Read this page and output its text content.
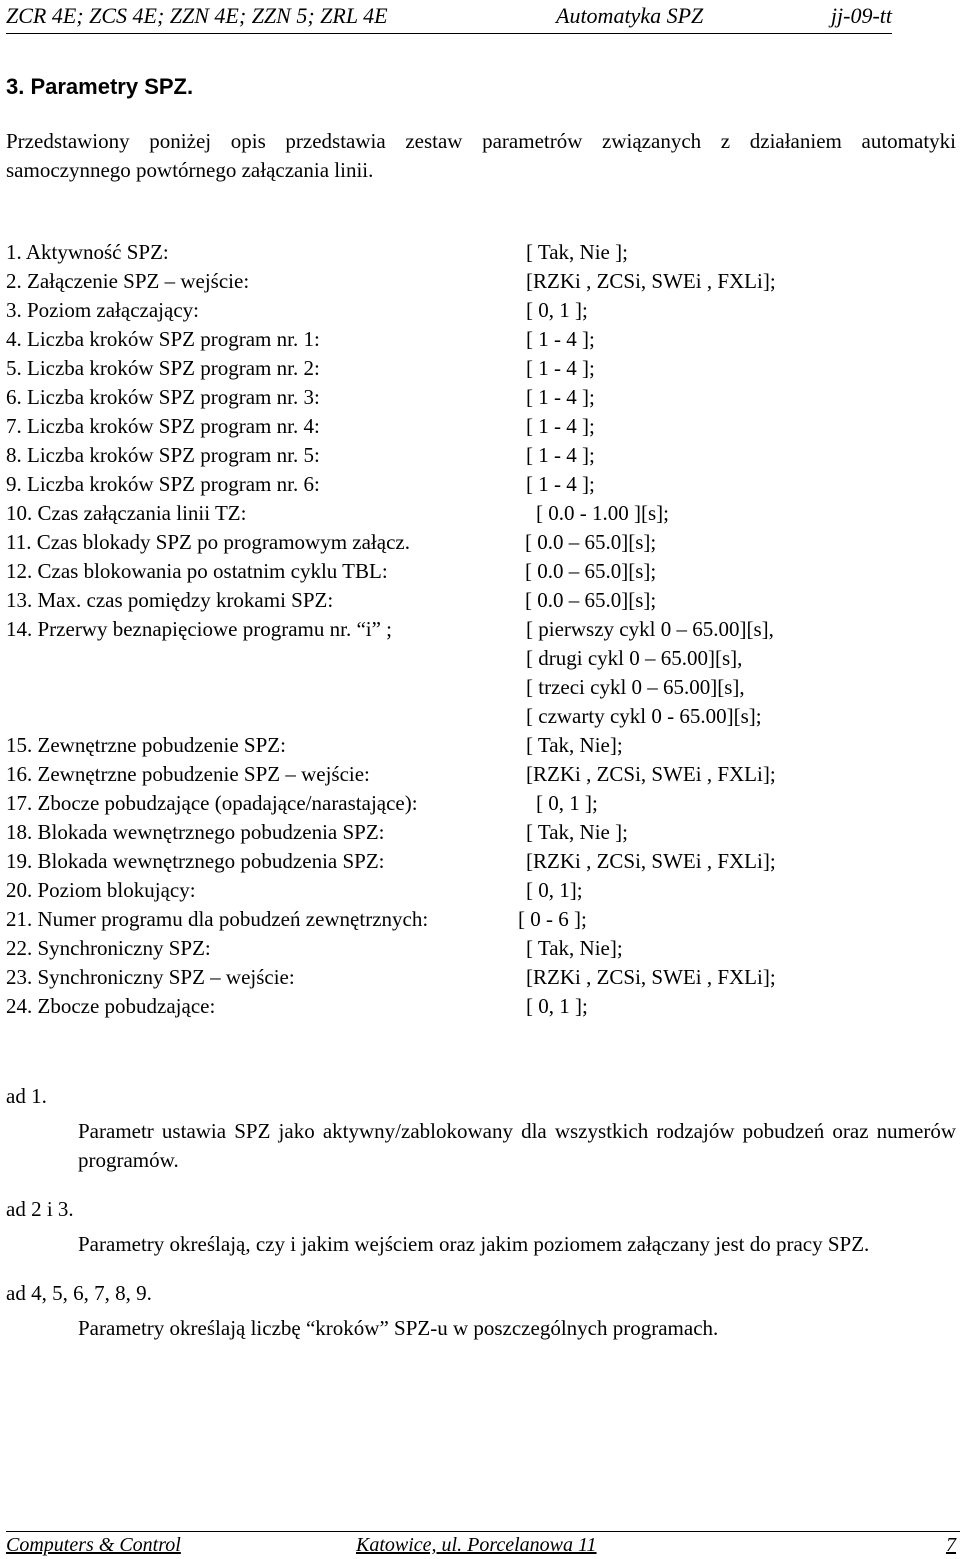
ZCR 4E; ZCS 4E; ZZN 4E; ZZN 5; ZRL 4E	Automatyka SPZ	jj-09-tt
3. Parametry SPZ.

Przedstawiony poniżej opis przedstawia zestaw parametrów związanych z działaniem automatyki samoczynnego powtórnego załączania linii.

1. Aktywność SPZ:	[ Tak, Nie ];
2. Załączenie SPZ – wejście:	[RZKi , ZCSi, SWEi , FXLi];
3. Poziom załączający:	[ 0, 1 ];
4. Liczba kroków SPZ program nr. 1:	[ 1 - 4 ];
5. Liczba kroków SPZ program nr. 2:	[ 1 - 4 ];
6. Liczba kroków SPZ program nr. 3:	[ 1 - 4 ];
7. Liczba kroków SPZ program nr. 4:	[ 1 - 4 ];
8. Liczba kroków SPZ program nr. 5:	[ 1 - 4 ];
9. Liczba kroków SPZ program nr. 6:	[ 1 - 4 ];
10. Czas załączania linii TZ:	[ 0.0 - 1.00 ][s];
11. Czas blokady SPZ po programowym załącz.	[ 0.0 – 65.0][s];
12. Czas blokowania po ostatnim cyklu TBL:	[ 0.0 – 65.0][s];
13. Max. czas pomiędzy krokami SPZ:	[ 0.0 – 65.0][s];
14. Przerwy beznapięciowe programu nr. “i” ;	[ pierwszy cykl 0 – 65.00][s],
[ drugi cykl 0 – 65.00][s],
[ trzeci cykl 0 – 65.00][s],
[ czwarty cykl 0 - 65.00][s];
15. Zewnętrzne pobudzenie SPZ:	[ Tak, Nie];
16. Zewnętrzne pobudzenie SPZ – wejście:	[RZKi , ZCSi, SWEi , FXLi];
17. Zbocze pobudzające (opadające/narastające):	[ 0, 1 ];
18. Blokada wewnętrznego pobudzenia SPZ:	[ Tak, Nie ];
19. Blokada wewnętrznego pobudzenia SPZ:	[RZKi , ZCSi, SWEi , FXLi];
20. Poziom blokujący:	[ 0, 1];
21. Numer programu dla pobudzeń zewnętrznych:	[ 0 - 6 ];
22. Synchroniczny SPZ:	[ Tak, Nie];
23. Synchroniczny SPZ – wejście:	[RZKi , ZCSi, SWEi , FXLi];
24. Zbocze pobudzające:	[ 0, 1 ];
ad 1.
Parametr ustawia SPZ jako aktywny/zablokowany dla wszystkich rodzajów pobudzeń oraz numerów programów.
ad 2 i 3.
Parametry określają, czy i jakim wejściem oraz jakim poziomem załączany jest do pracy SPZ.
ad 4, 5, 6, 7, 8, 9.
Parametry określają liczbę “kroków” SPZ-u w poszczególnych programach.
Computers & Control	Katowice, ul. Porcelanowa 11	7
